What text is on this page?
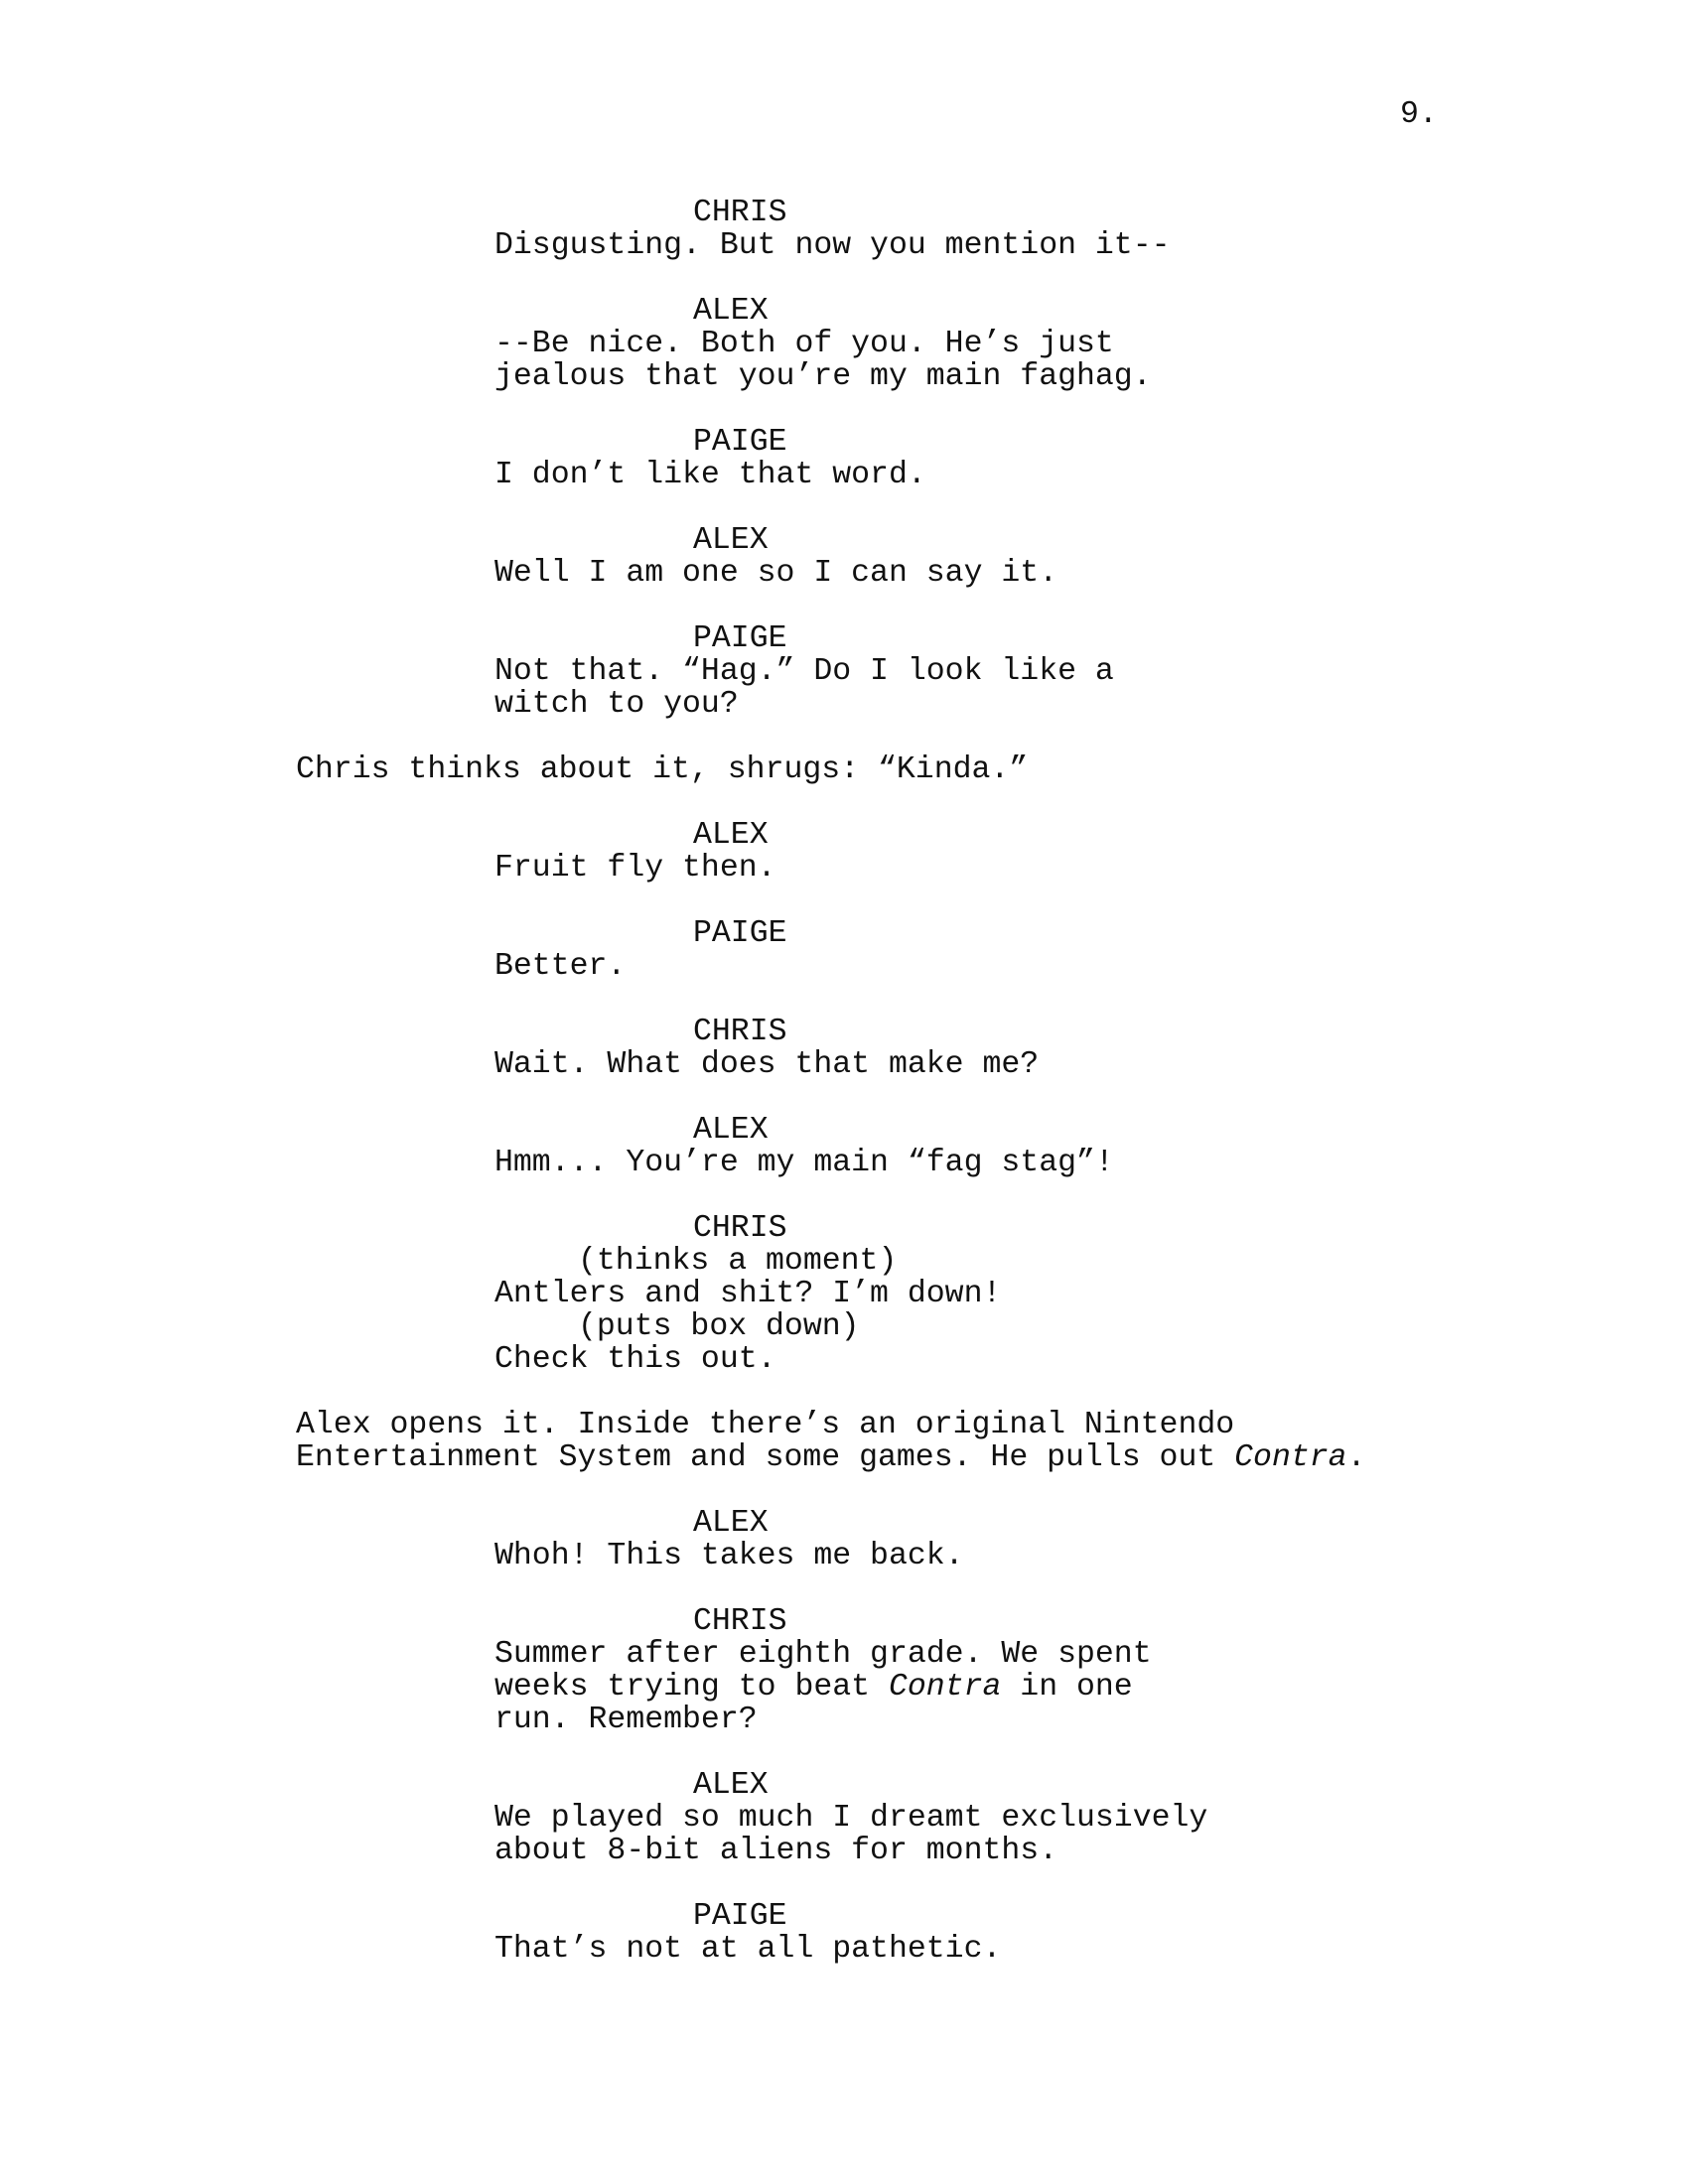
9.
CHRIS
Disgusting. But now you mention it--
ALEX
--Be nice. Both of you. He’s just
jealous that you’re my main faghag.
PAIGE
I don’t like that word.
ALEX
Well I am one so I can say it.
PAIGE
Not that. “Hag.” Do I look like a
witch to you?
Chris thinks about it, shrugs: “Kinda.”
ALEX
Fruit fly then.
PAIGE
Better.
CHRIS
Wait. What does that make me?
ALEX
Hmm... You’re my main “fag stag”!
CHRIS
(thinks a moment)
Antlers and shit? I’m down!
(puts box down)
Check this out.
Alex opens it. Inside there’s an original Nintendo
Entertainment System and some games. He pulls out Contra.
ALEX
Whoh! This takes me back.
CHRIS
Summer after eighth grade. We spent
weeks trying to beat Contra in one
run. Remember?
ALEX
We played so much I dreamt exclusively
about 8-bit aliens for months.
PAIGE
That’s not at all pathetic.
